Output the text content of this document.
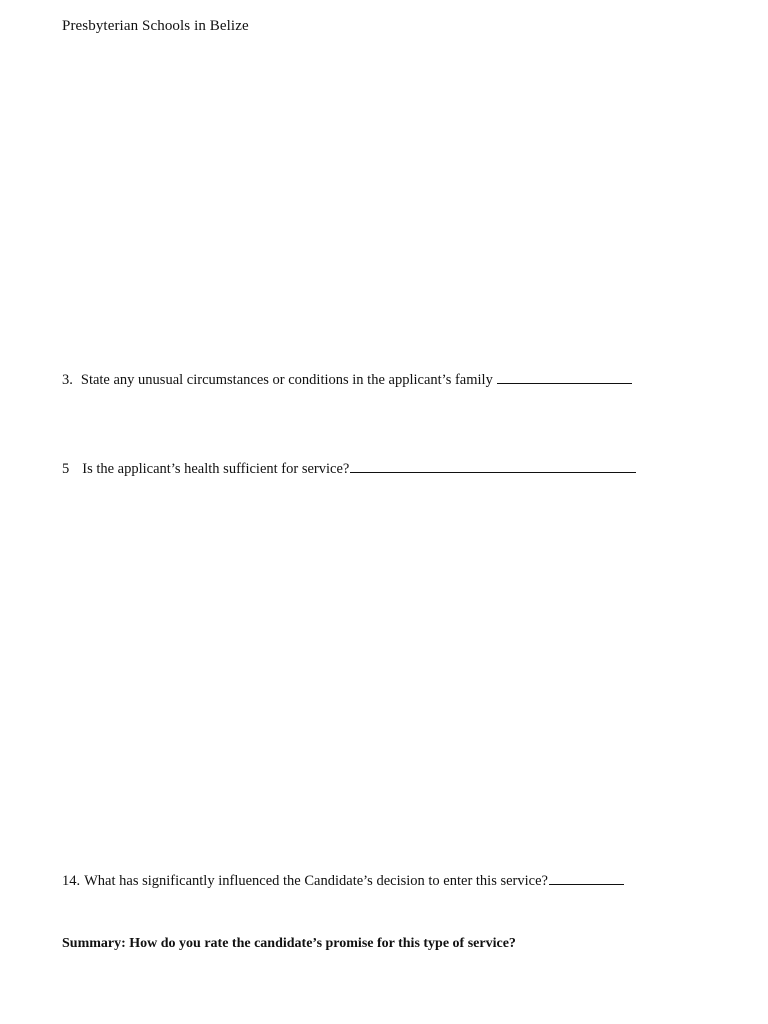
Presbyterian Schools in Belize
3. State any unusual circumstances or conditions in the applicant’s family
5 Is the applicant’s health sufficient for service?
14. What has significantly influenced the Candidate’s decision to enter this service?
Summary: How do you rate the candidate’s promise for this type of service?
